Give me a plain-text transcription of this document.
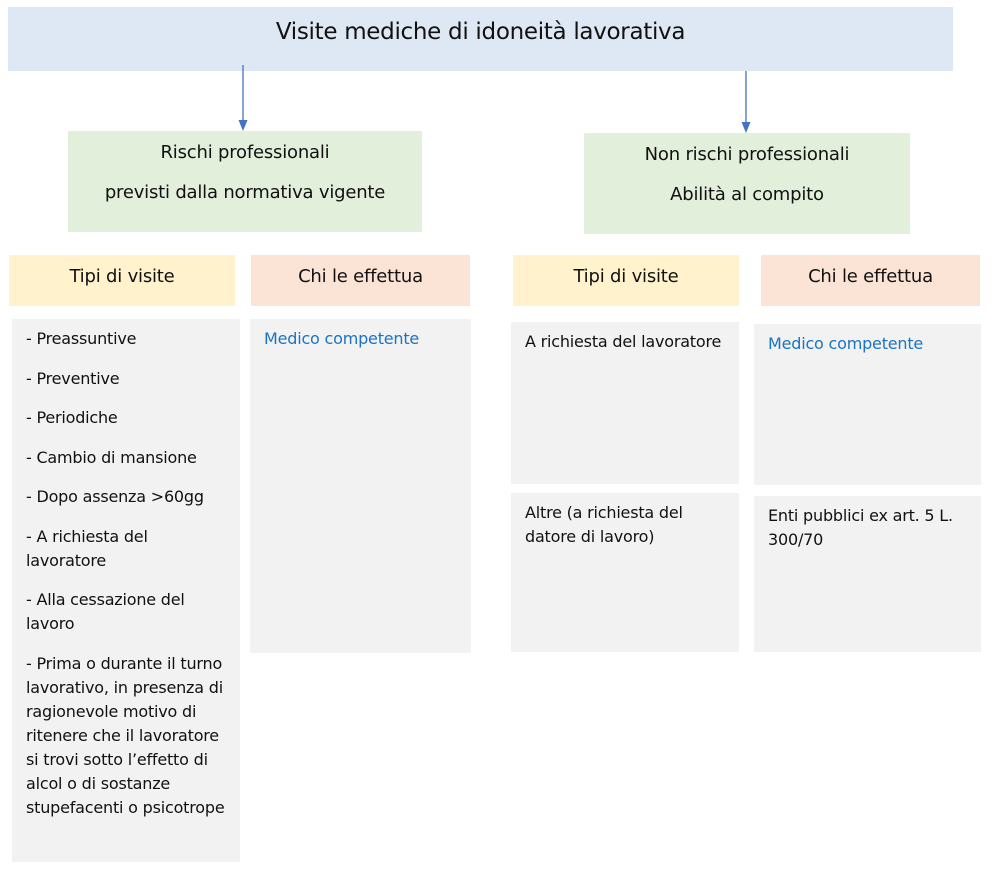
Visite mediche di idoneità lavorativa
Rischi professionali
previsti dalla normativa vigente
Non rischi professionali
Abilità al compito
Tipi di visite	Chi le effettua	Tipi di visite	Chi le effettua
- Preassuntive
- Preventive
- Periodiche
- Cambio di mansione
- Dopo assenza >60gg
- A richiesta del lavoratore
- Alla cessazione del lavoro
- Prima o durante il turno lavorativo, in presenza di ragionevole motivo di ritenere che il lavoratore si trovi sotto l’effetto di alcol o di sostanze stupefacenti o psicotrope
Medico competente	A richiesta del lavoratore	Medico competente
Altre (a richiesta del datore di lavoro)
Enti pubblici ex art. 5 L. 300/70
